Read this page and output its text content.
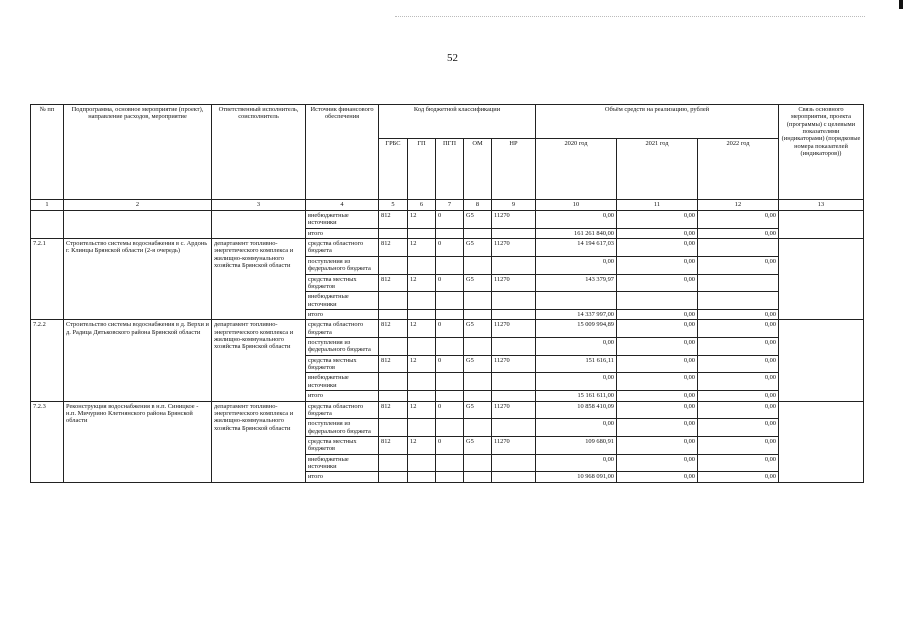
52
№ пп	Подпрограмма, основное мероприятие (проект), направление расходов, мероприятие	Ответственный исполнитель, соисполнитель	Источник финансового обеспечения	Код бюджетной классификации					Объём средств на реализацию, рублей			Связь основного мероприятия, проекта (программы) с целевыми показателями (индикаторами) (порядковые номера показателей (индикаторов))
				ГРБС	ГП	ПГП	ОМ	НР	2020 год	2021 год	2022 год	
1	2	3	4	5	6	7	8	9	10	11	12	13
			внебюджетные источники	812	12	0	G5	11270	0,00	0,00	0,00	
			итого						161 261 840,00	0,00	0,00	
7.2.1	Строительство системы водоснабжения в с. Ардонь г. Клинцы Брянской области (2-я очередь)	департамент топливно-энергетического комплекса и жилищно-коммунального хозяйства Брянской области	средства областного бюджета	812	12	0	G5	11270	14 194 617,03	0,00		
			поступления из федерального бюджета						0,00	0,00	0,00	
			средства местных бюджетов	812	12	0	G5	11270	143 379,97	0,00		
			внебюджетные источники									
			итого						14 337 997,00	0,00	0,00	
7.2.2	Строительство системы водоснабжения в д. Верхи и д. Радица Дятьковского района Брянской области	департамент топливно-энергетического комплекса и жилищно-коммунального хозяйства Брянской области	средства областного бюджета	812	12	0	G5	11270	15 009 994,89	0,00	0,00	
			поступления из федерального бюджета						0,00	0,00	0,00	
			средства местных бюджетов	812	12	0	G5	11270	151 616,11	0,00	0,00	
			внебюджетные источники						0,00	0,00	0,00	
			итого						15 161 611,00	0,00	0,00	
7.2.3	Реконструкция водоснабжения в н.п. Синицкое - н.п. Мичурино Клетнянского района Брянской области	департамент топливно-энергетического комплекса и жилищно-коммунального хозяйства Брянской области	средства областного бюджета	812	12	0	G5	11270	10 858 410,09	0,00	0,00	
			поступления из федерального бюджета						0,00	0,00	0,00	
			средства местных бюджетов	812	12	0	G5	11270	109 680,91	0,00	0,00	
			внебюджетные источники						0,00	0,00	0,00	
			итого						10 968 091,00	0,00	0,00	
